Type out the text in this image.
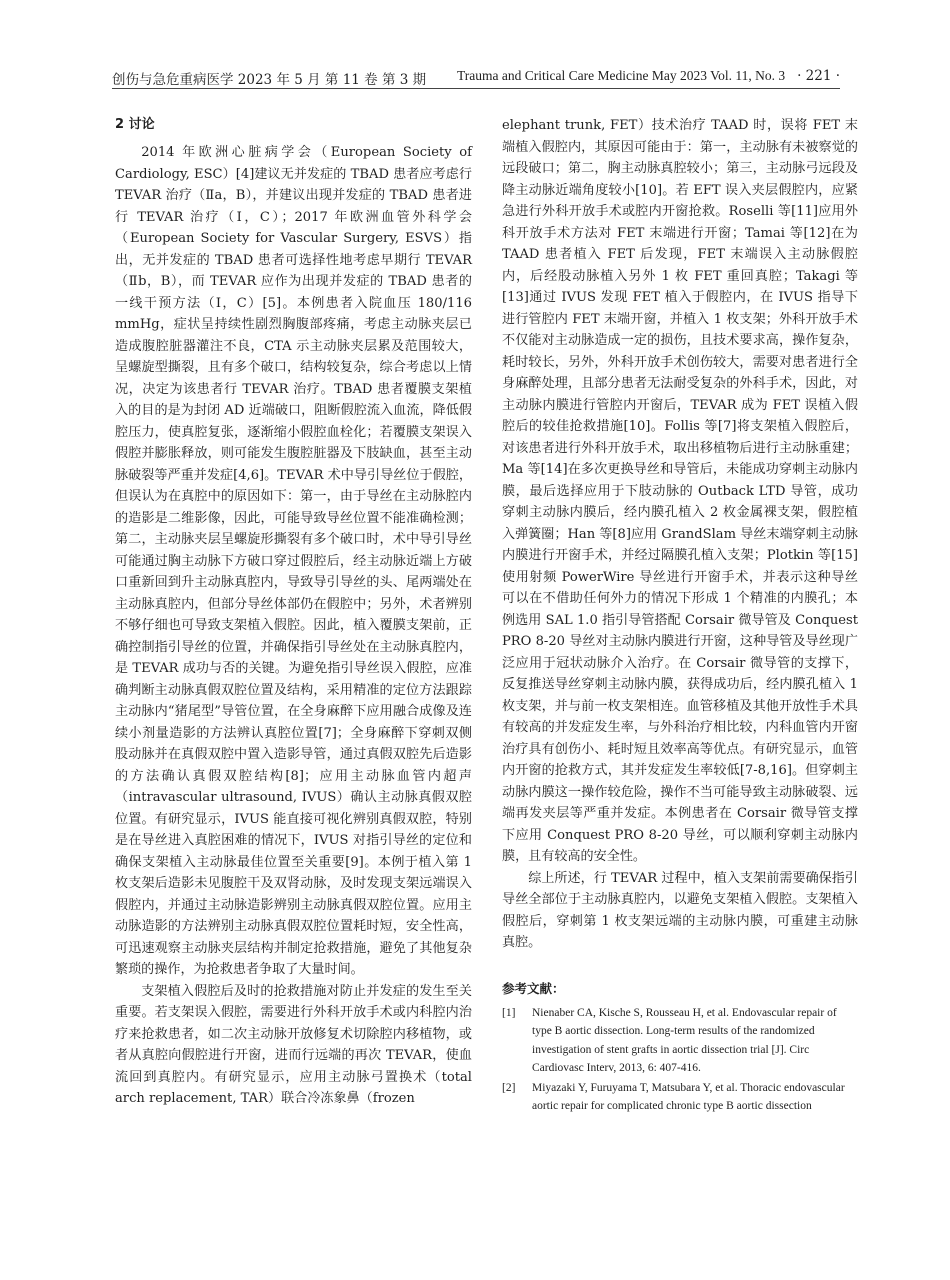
创伤与急危重病医学 2023 年 5 月 第 11 卷 第 3 期 Trauma and Critical Care Medicine May 2023 Vol. 11, No. 3 · 221 ·
2 讨论

2014 年欧洲心脏病学会（European Society of Cardiology, ESC）[4]建议无并发症的 TBAD 患者应考虑行 TEVAR 治疗（Ⅱa，B），并建议出现并发症的 TBAD 患者进行 TEVAR 治疗（Ⅰ，C）；2017 年欧洲血管外科学会（European Society for Vascular Surgery, ESVS）指出，无并发症的 TBAD 患者可选择性地考虑早期行 TEVAR（Ⅱb，B），而 TEVAR 应作为出现并发症的 TBAD 患者的一线干预方法（Ⅰ，C）[5]。本例患者入院血压 180/116 mmHg，症状呈持续性剧烈胸腹部疼痛，考虑主动脉夹层已造成腹腔脏器灌注不良，CTA 示主动脉夹层累及范围较大，呈螺旋型撕裂，且有多个破口，结构较复杂，综合考虑以上情况，决定为该患者行 TEVAR 治疗。TBAD 患者覆膜支架植入的目的是为封闭 AD 近端破口，阻断假腔流入血流，降低假腔压力，使真腔复张，逐渐缩小假腔血栓化；若覆膜支架误入假腔并膨胀释放，则可能发生腹腔脏器及下肢缺血，甚至主动脉破裂等严重并发症[4,6]。TEVAR 术中导引导丝位于假腔，但误认为在真腔中的原因如下：第一，由于导丝在主动脉腔内的造影是二维影像，因此，可能导致导丝位置不能准确检测；第二，主动脉夹层呈螺旋形撕裂有多个破口时，术中导引导丝可能通过胸主动脉下方破口穿过假腔后，经主动脉近端上方破口重新回到升主动脉真腔内，导致导引导丝的头、尾两端处在主动脉真腔内，但部分导丝体部仍在假腔中；另外，术者辨别不够仔细也可导致支架植入假腔。因此，植入覆膜支架前，正确控制指引导丝的位置，并确保指引导丝处在主动脉真腔内，是 TEVAR 成功与否的关键。为避免指引导丝误入假腔，应准确判断主动脉真假双腔位置及结构，采用精准的定位方法跟踪主动脉内“猪尾型”导管位置，在全身麻醉下应用融合成像及连续小剂量造影的方法辨认真腔位置[7]；全身麻醉下穿刺双侧股动脉并在真假双腔中置入造影导管，通过真假双腔先后造影的方法确认真假双腔结构[8]；应用主动脉血管内超声（intravascular ultrasound, IVUS）确认主动脉真假双腔位置。有研究显示，IVUS 能直接可视化辨别真假双腔，特别是在导丝进入真腔困难的情况下，IVUS 对指引导丝的定位和确保支架植入主动脉最佳位置至关重要[9]。本例于植入第 1 枚支架后造影未见腹腔干及双肾动脉，及时发现支架远端误入假腔内，并通过主动脉造影辨别主动脉真假双腔位置。应用主动脉造影的方法辨别主动脉真假双腔位置耗时短，安全性高，可迅速观察主动脉夹层结构并制定抢救措施，避免了其他复杂繁琐的操作，为抢救患者争取了大量时间。

支架植入假腔后及时的抢救措施对防止并发症的发生至关重要。若支架误入假腔，需要进行外科开放手术或内科腔内治疗来抢救患者，如二次主动脉开放修复术切除腔内移植物，或者从真腔向假腔进行开窗，进而行远端的再次 TEVAR，使血流回到真腔内。有研究显示，应用主动脉弓置换术（total arch replacement, TAR）联合冷冻象鼻（frozen

elephant trunk, FET）技术治疗 TAAD 时，误将 FET 末端植入假腔内，其原因可能由于：第一，主动脉有未被察觉的远段破口；第二，胸主动脉真腔较小；第三，主动脉弓远段及降主动脉近端角度较小[10]。若 EFT 误入夹层假腔内，应紧急进行外科开放手术或腔内开窗抢救。Roselli 等[11]应用外科开放手术方法对 FET 末端进行开窗；Tamai 等[12]在为 TAAD 患者植入 FET 后发现，FET 末端误入主动脉假腔内，后经股动脉植入另外 1 枚 FET 重回真腔；Takagi 等[13]通过 IVUS 发现 FET 植入于假腔内，在 IVUS 指导下进行管腔内 FET 末端开窗，并植入 1 枚支架；外科开放手术不仅能对主动脉造成一定的损伤，且技术要求高，操作复杂，耗时较长，另外，外科开放手术创伤较大，需要对患者进行全身麻醉处理，且部分患者无法耐受复杂的外科手术，因此，对主动脉内膜进行管腔内开窗后，TEVAR 成为 FET 误植入假腔后的较佳抢救措施[10]。Follis 等[7]将支架植入假腔后，对该患者进行外科开放手术，取出移植物后进行主动脉重建；Ma 等[14]在多次更换导丝和导管后，未能成功穿刺主动脉内膜，最后选择应用于下肢动脉的 Outback LTD 导管，成功穿刺主动脉内膜后，经内膜孔植入 2 枚金属裸支架，假腔植入弹簧圈；Han 等[8]应用 GrandSlam 导丝末端穿刺主动脉内膜进行开窗手术，并经过隔膜孔植入支架；Plotkin 等[15]使用射频 PowerWire 导丝进行开窗手术，并表示这种导丝可以在不借助任何外力的情况下形成 1 个精准的内膜孔；本例选用 SAL 1.0 指引导管搭配 Corsair 微导管及 Conquest PRO 8-20 导丝对主动脉内膜进行开窗，这种导管及导丝现广泛应用于冠状动脉介入治疗。在 Corsair 微导管的支撑下，反复推送导丝穿刺主动脉内膜，获得成功后，经内膜孔植入 1 枚支架，并与前一枚支架相连。血管移植及其他开放性手术具有较高的并发症发生率，与外科治疗相比较，内科血管内开窗治疗具有创伤小、耗时短且效率高等优点。有研究显示，血管内开窗的抢救方式，其并发症发生率较低[7-8,16]。但穿刺主动脉内膜这一操作较危险，操作不当可能导致主动脉破裂、远端再发夹层等严重并发症。本例患者在 Corsair 微导管支撑下应用 Conquest PRO 8-20 导丝，可以顺利穿刺主动脉内膜，且有较高的安全性。

综上所述，行 TEVAR 过程中，植入支架前需要确保指引导丝全部位于主动脉真腔内，以避免支架植入假腔。支架植入假腔后，穿刺第 1 枚支架远端的主动脉内膜，可重建主动脉真腔。

参考文献：
[1]	Nienaber CA, Kische S, Rousseau H, et al. Endovascular repair of type B aortic dissection. Long-term results of the randomized investigation of stent grafts in aortic dissection trial [J]. Circ Cardiovasc Interv, 2013, 6: 407-416.
[2]	Miyazaki Y, Furuyama T, Matsubara Y, et al. Thoracic endovascular aortic repair for complicated chronic type B aortic dissection
